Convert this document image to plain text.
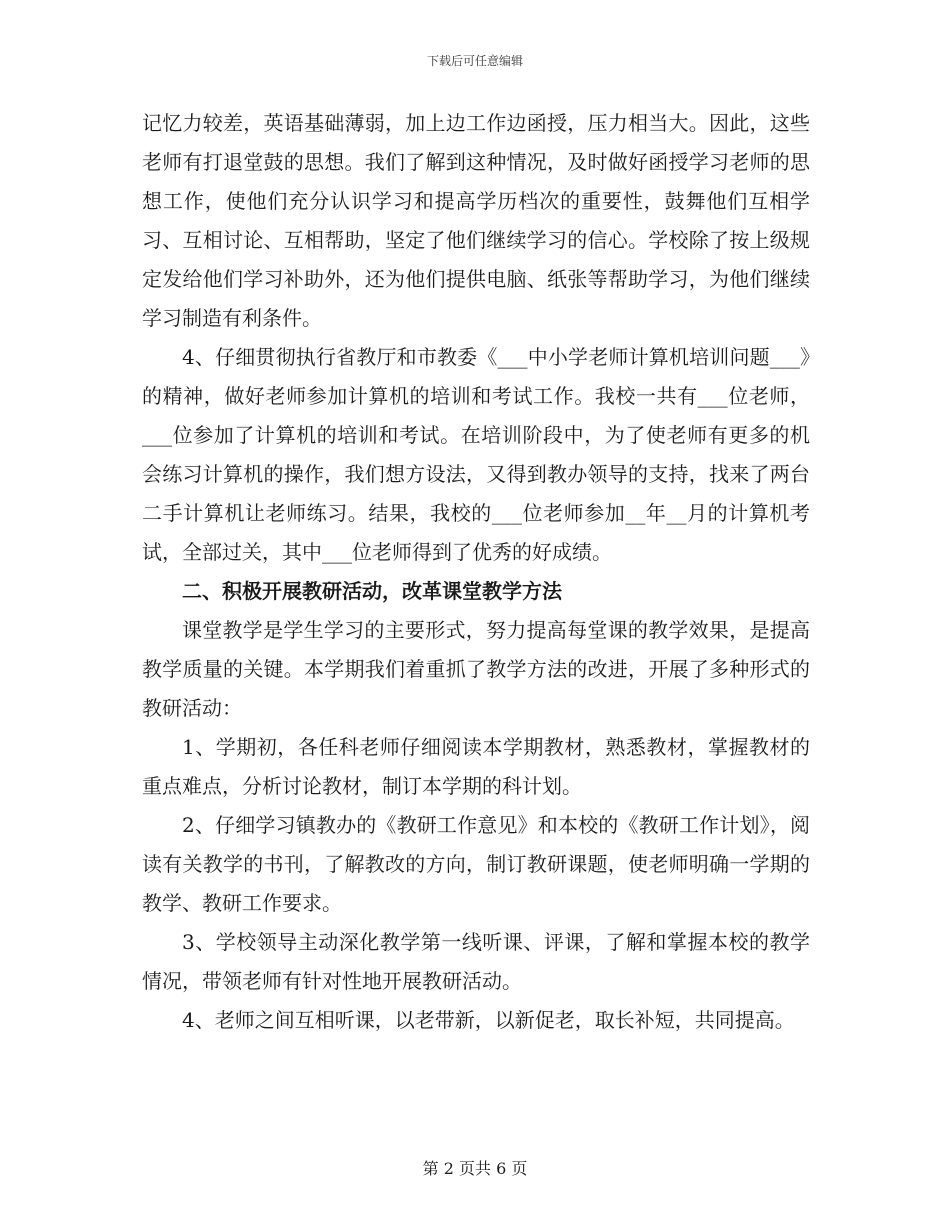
下载后可任意编辑

记忆力较差，英语基础薄弱，加上边工作边函授，压力相当大。因此，这些老师有打退堂鼓的思想。我们了解到这种情况，及时做好函授学习老师的思想工作，使他们充分认识学习和提高学历档次的重要性，鼓舞他们互相学习、互相讨论、互相帮助，坚定了他们继续学习的信心。学校除了按上级规定发给他们学习补助外，还为他们提供电脑、纸张等帮助学习，为他们继续学习制造有利条件。

4、仔细贯彻执行省教厅和市教委《___中小学老师计算机培训问题___》的精神，做好老师参加计算机的培训和考试工作。我校一共有___位老师，___位参加了计算机的培训和考试。在培训阶段中，为了使老师有更多的机会练习计算机的操作，我们想方设法，又得到教办领导的支持，找来了两台二手计算机让老师练习。结果，我校的___位老师参加__年__月的计算机考试，全部过关，其中___位老师得到了优秀的好成绩。

二、积极开展教研活动，改革课堂教学方法

课堂教学是学生学习的主要形式，努力提高每堂课的教学效果，是提高教学质量的关键。本学期我们着重抓了教学方法的改进，开展了多种形式的教研活动：

1、学期初，各任科老师仔细阅读本学期教材，熟悉教材，掌握教材的重点难点，分析讨论教材，制订本学期的科计划。

2、仔细学习镇教办的《教研工作意见》和本校的《教研工作计划》，阅读有关教学的书刊，了解教改的方向，制订教研课题，使老师明确一学期的教学、教研工作要求。

3、学校领导主动深化教学第一线听课、评课，了解和掌握本校的教学情况，带领老师有针对性地开展教研活动。

4、老师之间互相听课，以老带新，以新促老，取长补短，共同提高。

第 2 页共 6 页
